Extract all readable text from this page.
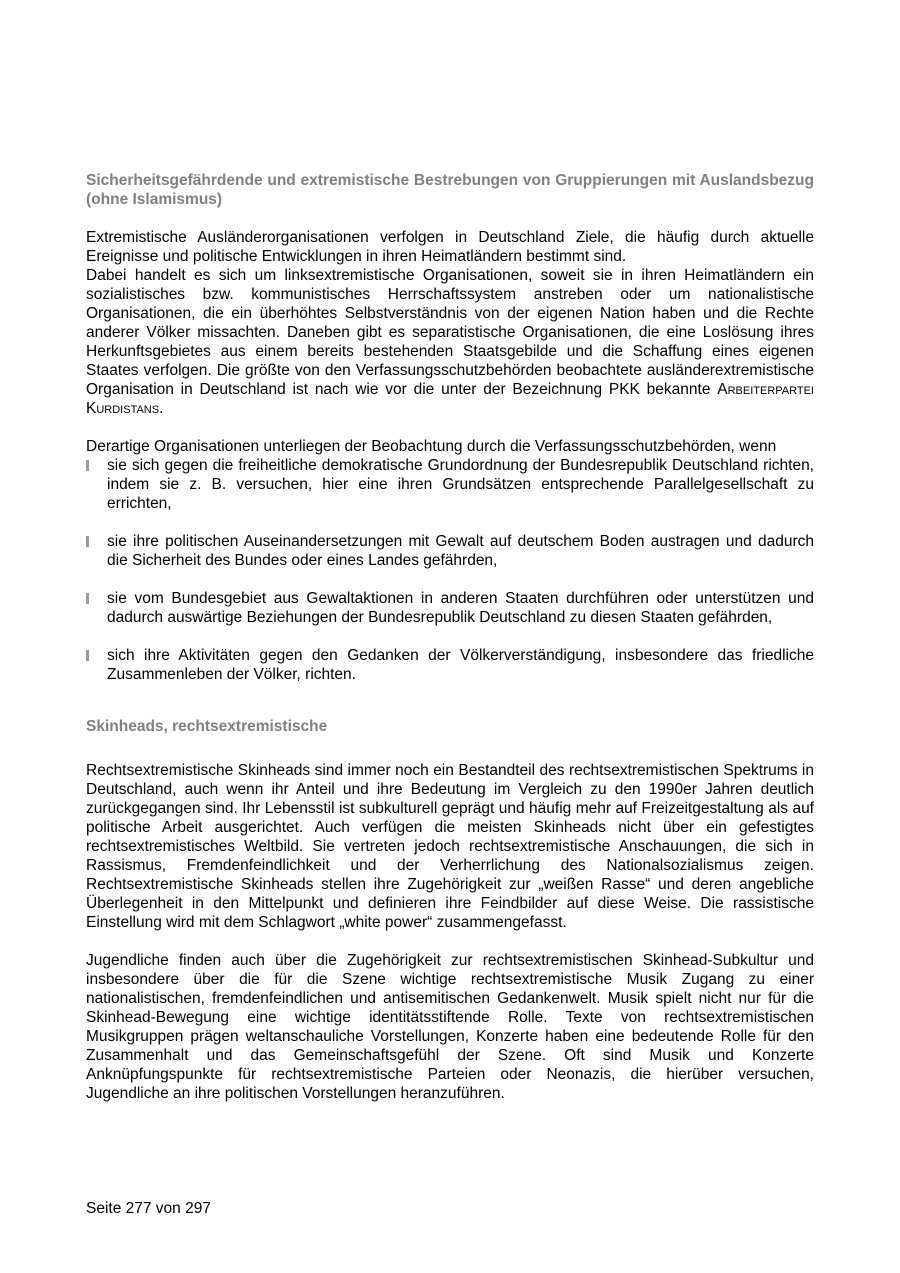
Sicherheitsgefährdende und extremistische Bestrebungen von Gruppierungen mit Auslandsbezug (ohne Islamismus)

Extremistische Ausländerorganisationen verfolgen in Deutschland Ziele, die häufig durch aktuelle Ereignisse und politische Entwicklungen in ihren Heimatländern bestimmt sind.
Dabei handelt es sich um linksextremistische Organisationen, soweit sie in ihren Heimatländern ein sozialistisches bzw. kommunistisches Herrschaftssystem anstreben oder um nationalistische Organisationen, die ein überhöhtes Selbstverständnis von der eigenen Nation haben und die Rechte anderer Völker missachten. Daneben gibt es separatistische Organisationen, die eine Loslösung ihres Herkunftsgebietes aus einem bereits bestehenden Staatsgebilde und die Schaffung eines eigenen Staates verfolgen. Die größte von den Verfassungsschutzbehörden beobachtete ausländerextremistische Organisation in Deutschland ist nach wie vor die unter der Bezeichnung PKK bekannte Arbeiterpartei Kurdistans.

Derartige Organisationen unterliegen der Beobachtung durch die Verfassungsschutzbehörden, wenn

sie sich gegen die freiheitliche demokratische Grundordnung der Bundesrepublik Deutschland richten, indem sie z. B. versuchen, hier eine ihren Grundsätzen entsprechende Parallelgesellschaft zu errichten,
sie ihre politischen Auseinandersetzungen mit Gewalt auf deutschem Boden austragen und dadurch die Sicherheit des Bundes oder eines Landes gefährden,
sie vom Bundesgebiet aus Gewaltaktionen in anderen Staaten durchführen oder unterstützen und dadurch auswärtige Beziehungen der Bundesrepublik Deutschland zu diesen Staaten gefährden,
sich ihre Aktivitäten gegen den Gedanken der Völkerverständigung, insbesondere das friedliche Zusammenleben der Völker, richten.
Skinheads, rechtsextremistische

Rechtsextremistische Skinheads sind immer noch ein Bestandteil des rechtsextremistischen Spektrums in Deutschland, auch wenn ihr Anteil und ihre Bedeutung im Vergleich zu den 1990er Jahren deutlich zurückgegangen sind. Ihr Lebensstil ist subkulturell geprägt und häufig mehr auf Freizeitgestaltung als auf politische Arbeit ausgerichtet. Auch verfügen die meisten Skinheads nicht über ein gefestigtes rechtsextremistisches Weltbild. Sie vertreten jedoch rechtsextremistische Anschauungen, die sich in Rassismus, Fremdenfeindlichkeit und der Verherrlichung des Nationalsozialismus zeigen. Rechtsextremistische Skinheads stellen ihre Zugehörigkeit zur „weißen Rasse“ und deren angebliche Überlegenheit in den Mittelpunkt und definieren ihre Feindbilder auf diese Weise. Die rassistische Einstellung wird mit dem Schlagwort „white power“ zusammengefasst.

Jugendliche finden auch über die Zugehörigkeit zur rechtsextremistischen Skinhead-Subkultur und insbesondere über die für die Szene wichtige rechtsextremistische Musik Zugang zu einer nationalistischen, fremdenfeindlichen und antisemitischen Gedankenwelt. Musik spielt nicht nur für die Skinhead-Bewegung eine wichtige identitätsstiftende Rolle. Texte von rechtsextremistischen Musikgruppen prägen weltanschauliche Vorstellungen, Konzerte haben eine bedeutende Rolle für den Zusammenhalt und das Gemeinschaftsgefühl der Szene. Oft sind Musik und Konzerte Anknüpfungspunkte für rechtsextremistische Parteien oder Neonazis, die hierüber versuchen, Jugendliche an ihre politischen Vorstellungen heranzuführen.

Seite 277 von 297
